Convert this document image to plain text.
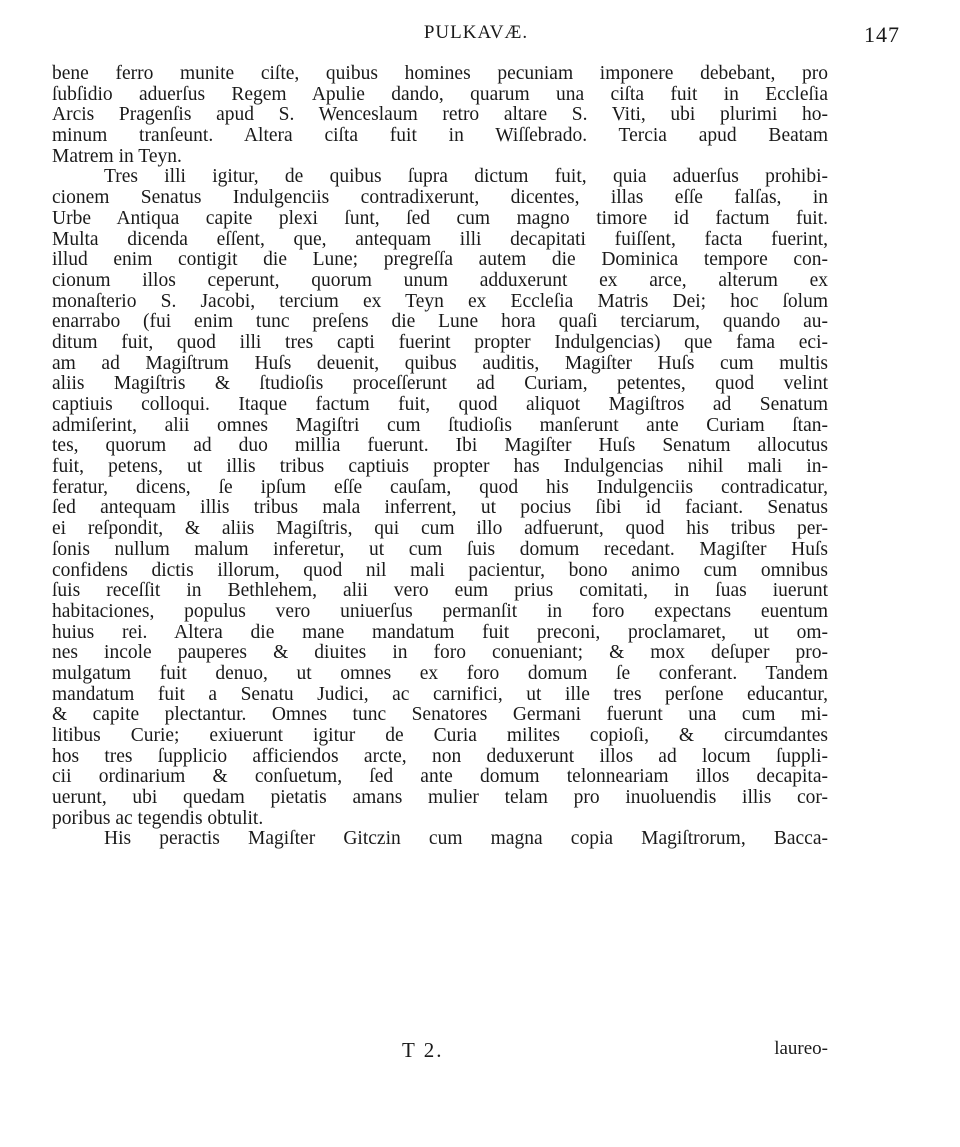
PULKAVÆ.	147
bene ferro munite ciſte, quibus homines pecuniam imponere debebant, pro
ſubſidio aduerſus Regem Apulie dando, quarum una ciſta fuit in Eccleſia
Arcis Pragenſis apud S. Wenceslaum retro altare S. Viti, ubi plurimi ho-
minum tranſeunt. Altera ciſta fuit in Wiſſebrado. Tercia apud Beatam
Matrem in Teyn.
Tres illi igitur, de quibus ſupra dictum fuit, quia aduerſus prohibi-
cionem Senatus Indulgenciis contradixerunt, dicentes, illas eſſe falſas, in
Urbe Antiqua capite plexi ſunt, ſed cum magno timore id factum fuit.
Multa dicenda eſſent, que, antequam illi decapitati fuiſſent, facta fuerint,
illud enim contigit die Lune; pregreſſa autem die Dominica tempore con-
cionum illos ceperunt, quorum unum adduxerunt ex arce, alterum ex
monaſterio S. Jacobi, tercium ex Teyn ex Eccleſia Matris Dei; hoc ſolum
enarrabo (fui enim tunc preſens die Lune hora quaſi terciarum, quando au-
ditum fuit, quod illi tres capti fuerint propter Indulgencias) que fama eci-
am ad Magiſtrum Huſs deuenit, quibus auditis, Magiſter Huſs cum multis
aliis Magiſtris & ſtudioſis proceſſerunt ad Curiam, petentes, quod velint
captiuis colloqui. Itaque factum fuit, quod aliquot Magiſtros ad Senatum
admiſerint, alii omnes Magiſtri cum ſtudioſis manſerunt ante Curiam ſtan-
tes, quorum ad duo millia fuerunt. Ibi Magiſter Huſs Senatum allocutus
fuit, petens, ut illis tribus captiuis propter has Indulgencias nihil mali in-
feratur, dicens, ſe ipſum eſſe cauſam, quod his Indulgenciis contradicatur,
ſed antequam illis tribus mala inferrent, ut pocius ſibi id faciant. Senatus
ei reſpondit, & aliis Magiſtris, qui cum illo adfuerunt, quod his tribus per-
ſonis nullum malum inferetur, ut cum ſuis domum recedant. Magiſter Huſs
confidens dictis illorum, quod nil mali pacientur, bono animo cum omnibus
ſuis receſſit in Bethlehem, alii vero eum prius comitati, in ſuas iuerunt
habitaciones, populus vero uniuerſus permanſit in foro expectans euentum
huius rei. Altera die mane mandatum fuit preconi, proclamaret, ut om-
nes incole pauperes & diuites in foro conueniant; & mox deſuper pro-
mulgatum fuit denuo, ut omnes ex foro domum ſe conferant. Tandem
mandatum fuit a Senatu Judici, ac carnifici, ut ille tres perſone educantur,
& capite plectantur. Omnes tunc Senatores Germani fuerunt una cum mi-
litibus Curie; exiuerunt igitur de Curia milites copioſi, & circumdantes
hos tres ſupplicio afficiendos arcte, non deduxerunt illos ad locum ſuppli-
cii ordinarium & conſuetum, ſed ante domum telonneariam illos decapita-
uerunt, ubi quedam pietatis amans mulier telam pro inuoluendis illis cor-
poribus ac tegendis obtulit.
His peractis Magiſter Gitczin cum magna copia Magiſtrorum, Bacca-
T 2.	laureo-
